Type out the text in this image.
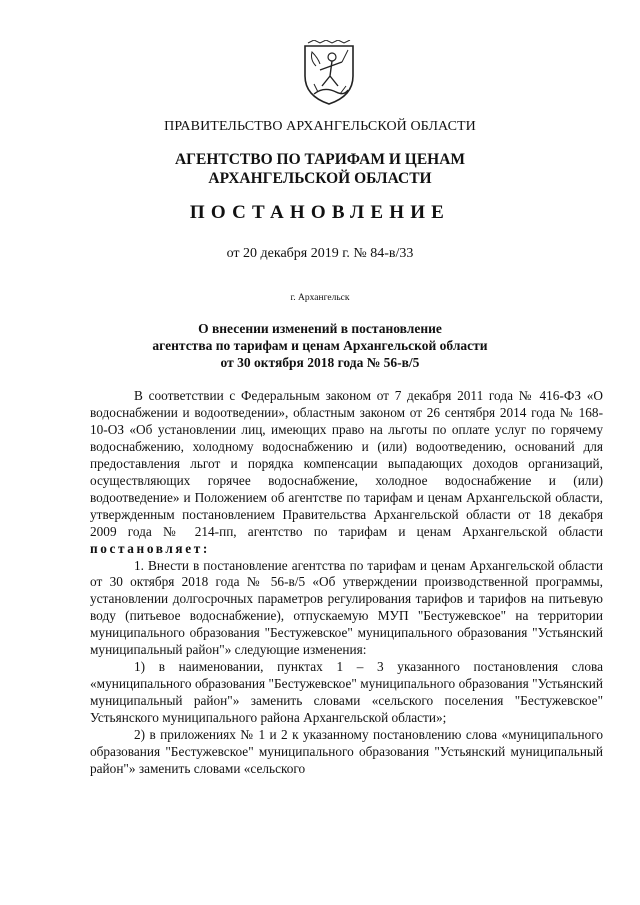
ПРАВИТЕЛЬСТВО АРХАНГЕЛЬСКОЙ ОБЛАСТИ
АГЕНТСТВО ПО ТАРИФАМ И ЦЕНАМ
АРХАНГЕЛЬСКОЙ ОБЛАСТИ
ПОСТАНОВЛЕНИЕ
от 20 декабря 2019 г. № 84-в/33
г. Архангельск
О внесении изменений в постановление
агентства по тарифам и ценам Архангельской области
от 30 октября 2018 года № 56-в/5

В соответствии с Федеральным законом от 7 декабря 2011 года № 416-ФЗ «О водоснабжении и водоотведении», областным законом от 26 сентября 2014 года № 168-10-ОЗ «Об установлении лиц, имеющих право на льготы по оплате услуг по горячему водоснабжению, холодному водоснабжению и (или) водоотведению, оснований для предоставления льгот и порядка компенсации выпадающих доходов организаций, осуществляющих горячее водоснабжение, холодное водоснабжение и (или) водоотведение» и Положением об агентстве по тарифам и ценам Архангельской области, утвержденным постановлением Правительства Архангельской области от 18 декабря 2009 года № 214-пп, агентство по тарифам и ценам Архангельской области постановляет:

1. Внести в постановление агентства по тарифам и ценам Архангельской области от 30 октября 2018 года № 56-в/5 «Об утверждении производственной программы, установлении долгосрочных параметров регулирования тарифов и тарифов на питьевую воду (питьевое водоснабжение), отпускаемую МУП "Бестужевское" на территории муниципального образования "Бестужевское" муниципального образования "Устьянский муниципальный район"» следующие изменения:

1) в наименовании, пунктах 1 – 3 указанного постановления слова «муниципального образования "Бестужевское" муниципального образования "Устьянский муниципальный район"» заменить словами «сельского поселения "Бестужевское" Устьянского муниципального района Архангельской области»;

2) в приложениях № 1 и 2 к указанному постановлению слова «муниципального образования "Бестужевское" муниципального образования "Устьянский муниципальный район"» заменить словами «сельского
